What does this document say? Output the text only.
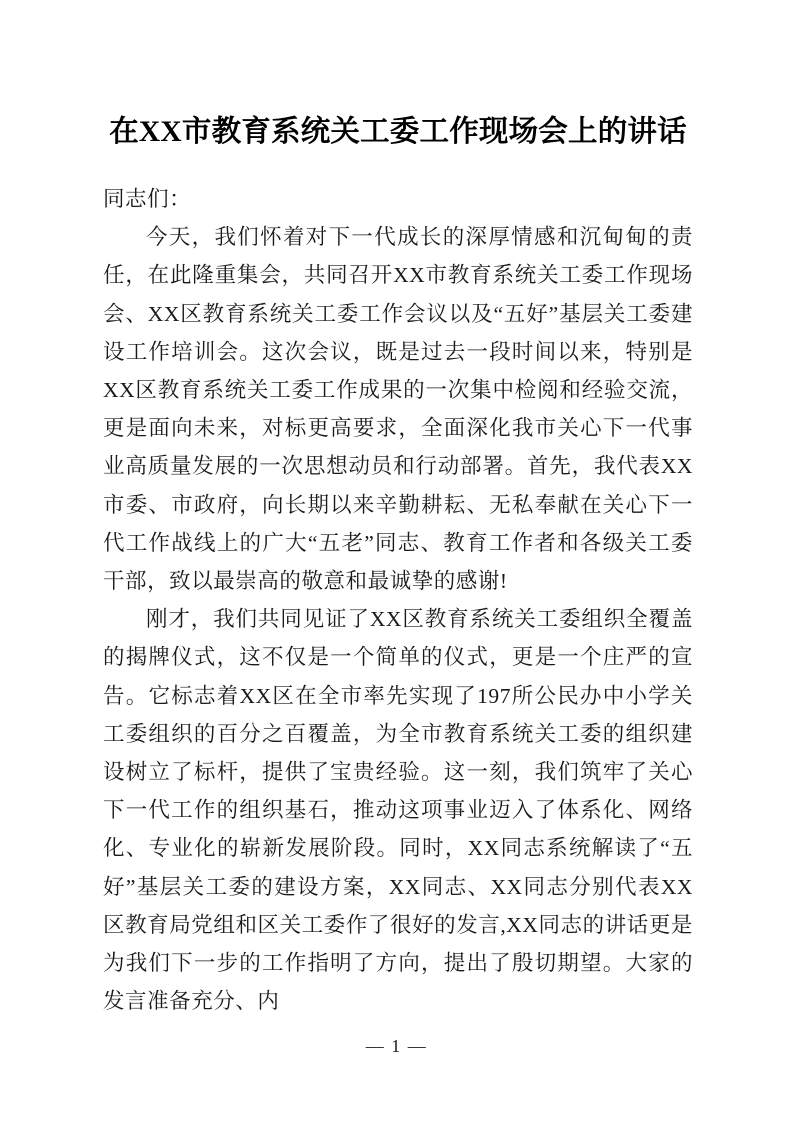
在XX市教育系统关工委工作现场会上的讲话

同志们：

今天，我们怀着对下一代成长的深厚情感和沉甸甸的责任，在此隆重集会，共同召开XX市教育系统关工委工作现场会、XX区教育系统关工委工作会议以及“五好”基层关工委建设工作培训会。这次会议，既是过去一段时间以来，特别是XX区教育系统关工委工作成果的一次集中检阅和经验交流，更是面向未来，对标更高要求，全面深化我市关心下一代事业高质量发展的一次思想动员和行动部署。首先，我代表XX市委、市政府，向长期以来辛勤耕耘、无私奉献在关心下一代工作战线上的广大“五老”同志、教育工作者和各级关工委干部，致以最崇高的敬意和最诚挚的感谢!

刚才，我们共同见证了XX区教育系统关工委组织全覆盖的揭牌仪式，这不仅是一个简单的仪式，更是一个庄严的宣告。它标志着XX区在全市率先实现了197所公民办中小学关工委组织的百分之百覆盖，为全市教育系统关工委的组织建设树立了标杆，提供了宝贵经验。这一刻，我们筑牢了关心下一代工作的组织基石，推动这项事业迈入了体系化、网络化、专业化的崭新发展阶段。同时，XX同志系统解读了“五好”基层关工委的建设方案，XX同志、XX同志分别代表XX区教育局党组和区关工委作了很好的发言,XX同志的讲话更是为我们下一步的工作指明了方向，提出了殷切期望。大家的发言准备充分、内

— 1 —
